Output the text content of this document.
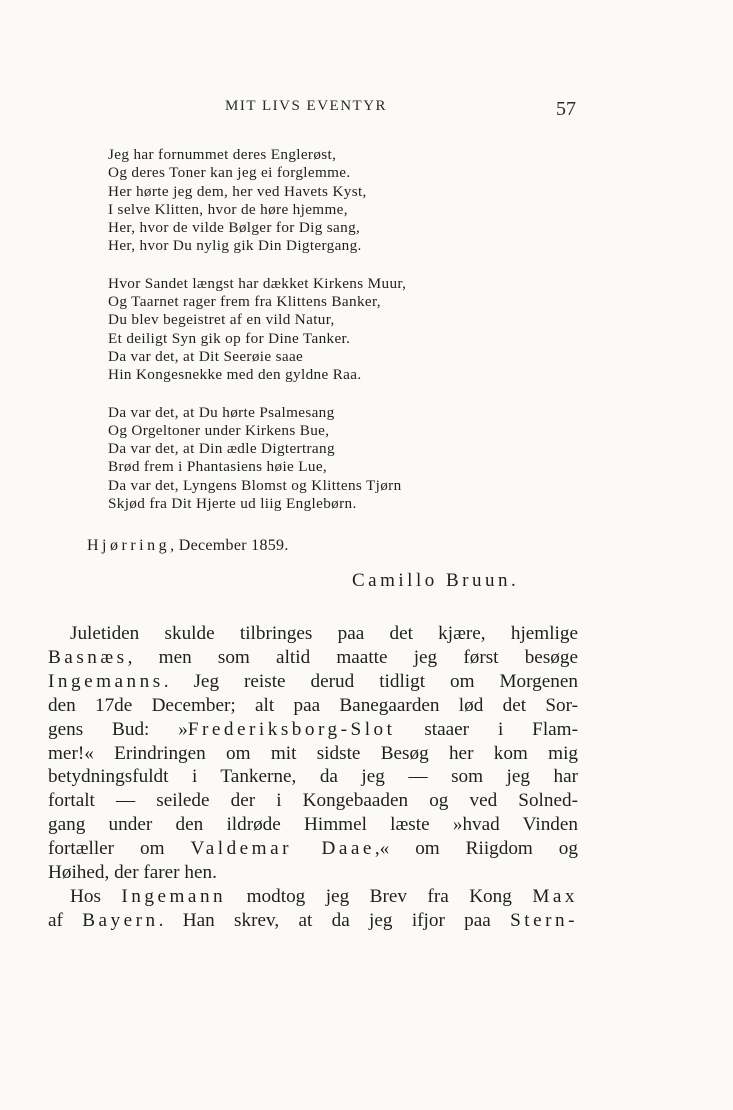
MIT LIVS EVENTYR	57
Jeg har fornummet deres Englerøst,
Og deres Toner kan jeg ei forglemme.
Her hørte jeg dem, her ved Havets Kyst,
I selve Klitten, hvor de høre hjemme,
Her, hvor de vilde Bølger for Dig sang,
Her, hvor Du nylig gik Din Digtergang.
Hvor Sandet længst har dækket Kirkens Muur,
Og Taarnet rager frem fra Klittens Banker,
Du blev begeistret af en vild Natur,
Et deiligt Syn gik op for Dine Tanker.
Da var det, at Dit Seerøie saae
Hin Kongesnekke med den gyldne Raa.
Da var det, at Du hørte Psalmesang
Og Orgeltoner under Kirkens Bue,
Da var det, at Din ædle Digtertrang
Brød frem i Phantasiens høie Lue,
Da var det, Lyngens Blomst og Klittens Tjørn
Skjød fra Dit Hjerte ud liig Englebørn.
Hjørring, December 1859.
Camillo Bruun.
Juletiden skulde tilbringes paa det kjære, hjemlige
Basnæs, men som altid maatte jeg først besøge
Ingemanns. Jeg reiste derud tidligt om Morgenen
den 17de December; alt paa Banegaarden lød det Sor-
gens Bud: »Frederiksborg-Slot staaer i Flam-
mer!« Erindringen om mit sidste Besøg her kom mig
betydningsfuldt i Tankerne, da jeg — som jeg har
fortalt — seilede der i Kongebaaden og ved Solned-
gang under den ildrøde Himmel læste »hvad Vinden
fortæller om Valdemar Daae,« om Riigdom og
Høihed, der farer hen.
Hos Ingemann modtog jeg Brev fra Kong Max
af Bayern. Han skrev, at da jeg ifjor paa Stern-
